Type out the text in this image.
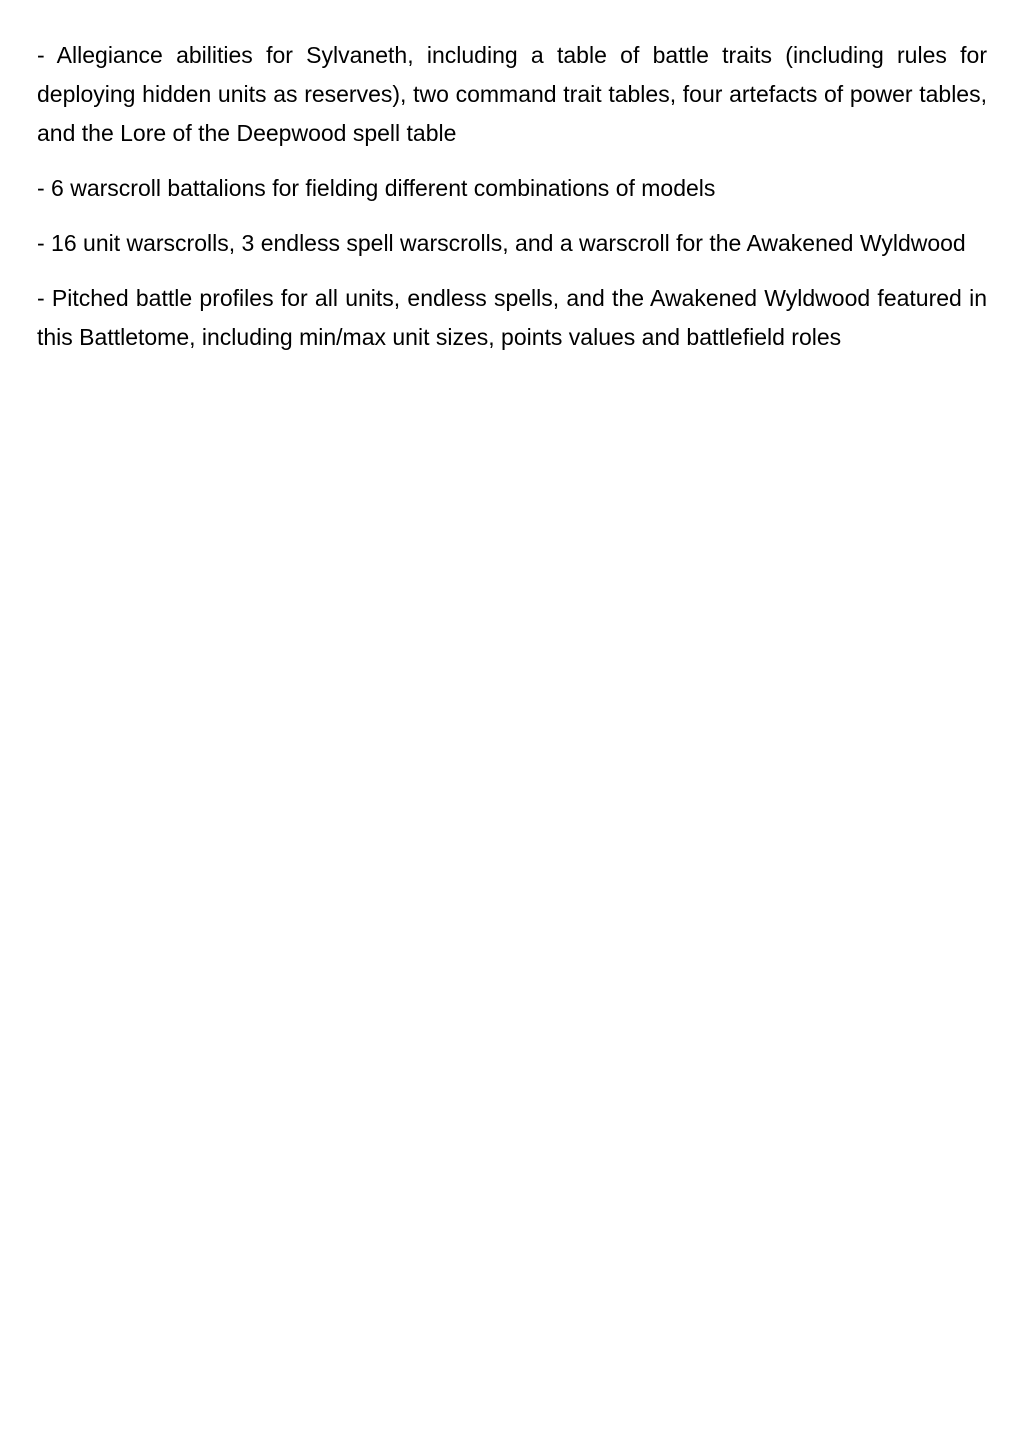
- Allegiance abilities for Sylvaneth, including a table of battle traits (including rules for deploying hidden units as reserves), two command trait tables, four artefacts of power tables, and the Lore of the Deepwood spell table

- 6 warscroll battalions for fielding different combinations of models

- 16 unit warscrolls, 3 endless spell warscrolls, and a warscroll for the Awakened Wyldwood

- Pitched battle profiles for all units, endless spells, and the Awakened Wyldwood featured in this Battletome, including min/max unit sizes, points values and battlefield roles
